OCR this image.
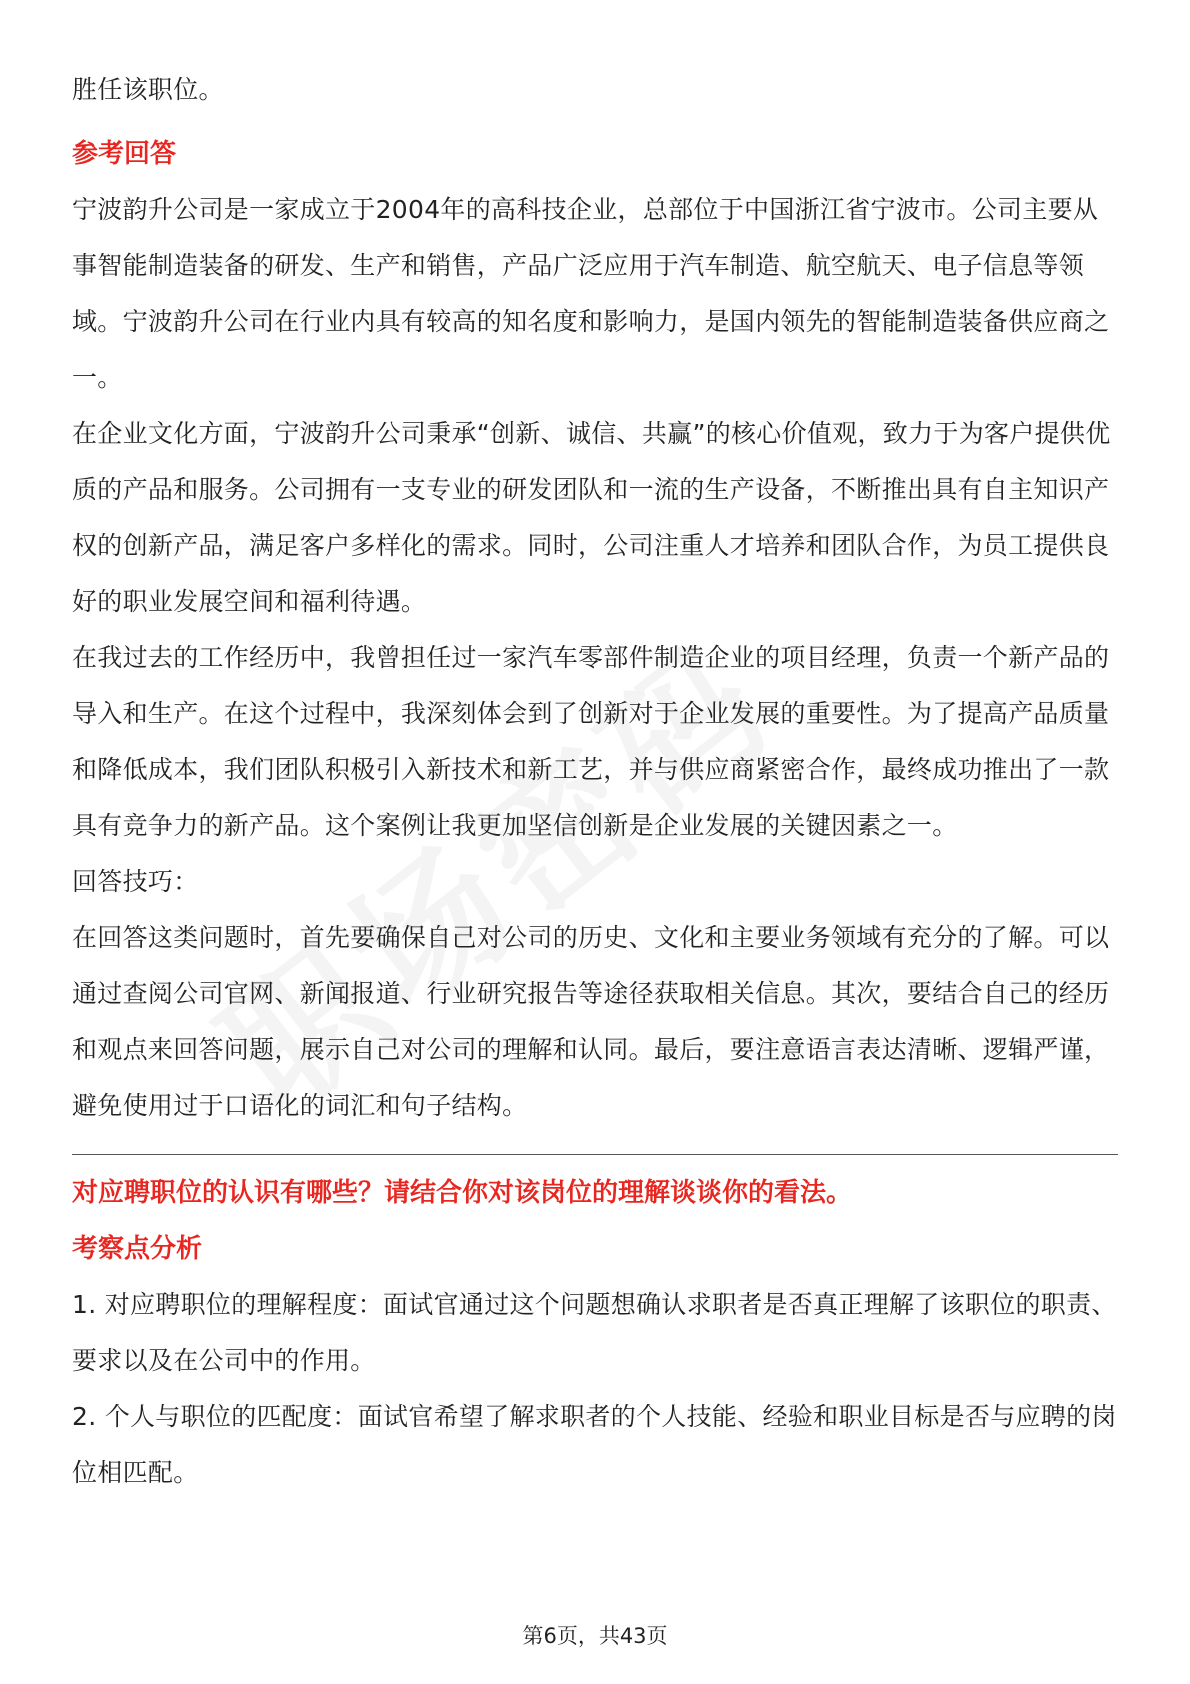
胜任该职位。

参考回答

宁波韵升公司是一家成立于2004年的高科技企业，总部位于中国浙江省宁波市。公司主要从事智能制造装备的研发、生产和销售，产品广泛应用于汽车制造、航空航天、电子信息等领域。宁波韵升公司在行业内具有较高的知名度和影响力，是国内领先的智能制造装备供应商之一。

在企业文化方面，宁波韵升公司秉承“创新、诚信、共赢”的核心价值观，致力于为客户提供优质的产品和服务。公司拥有一支专业的研发团队和一流的生产设备，不断推出具有自主知识产权的创新产品，满足客户多样化的需求。同时，公司注重人才培养和团队合作，为员工提供良好的职业发展空间和福利待遇。

在我过去的工作经历中，我曾担任过一家汽车零部件制造企业的项目经理，负责一个新产品的导入和生产。在这个过程中，我深刻体会到了创新对于企业发展的重要性。为了提高产品质量和降低成本，我们团队积极引入新技术和新工艺，并与供应商紧密合作，最终成功推出了一款具有竞争力的新产品。这个案例让我更加坚信创新是企业发展的关键因素之一。

回答技巧：

在回答这类问题时，首先要确保自己对公司的历史、文化和主要业务领域有充分的了解。可以通过查阅公司官网、新闻报道、行业研究报告等途径获取相关信息。其次，要结合自己的经历和观点来回答问题，展示自己对公司的理解和认同。最后，要注意语言表达清晰、逻辑严谨，避免使用过于口语化的词汇和句子结构。

对应聘职位的认识有哪些？请结合你对该岗位的理解谈谈你的看法。

考察点分析

1. 对应聘职位的理解程度：面试官通过这个问题想确认求职者是否真正理解了该职位的职责、要求以及在公司中的作用。

2. 个人与职位的匹配度：面试官希望了解求职者的个人技能、经验和职业目标是否与应聘的岗位相匹配。

第6页，共43页
